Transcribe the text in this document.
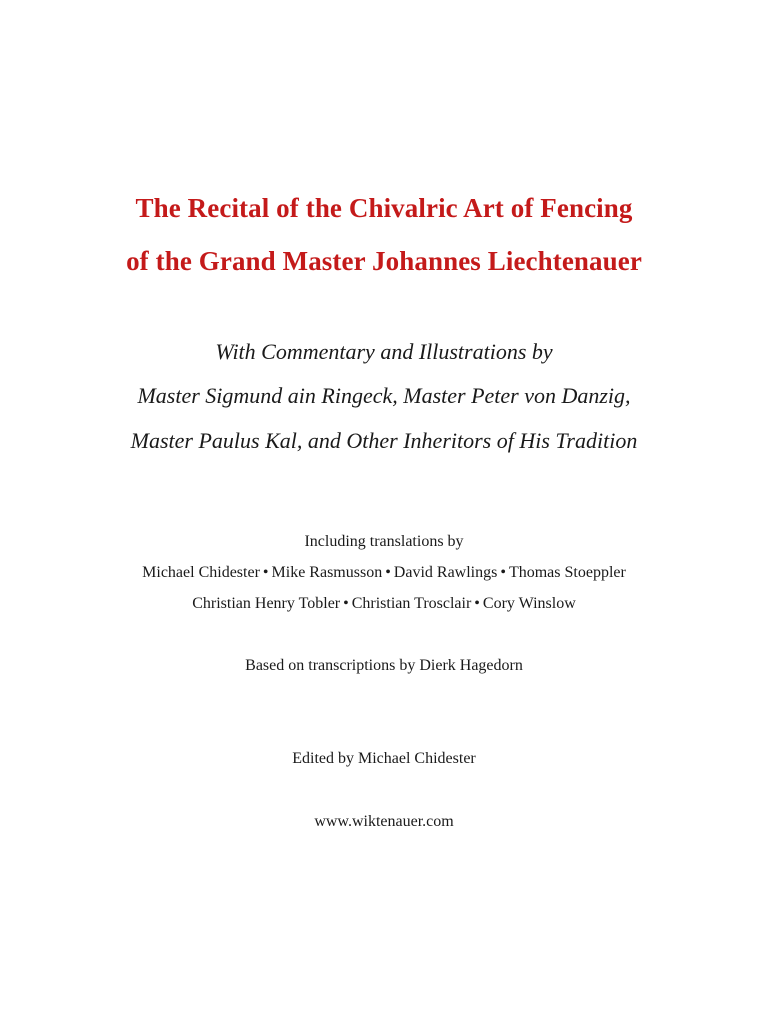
The Recital of the Chivalric Art of Fencing
of the Grand Master Johannes Liechtenauer
With Commentary and Illustrations by
Master Sigmund ain Ringeck, Master Peter von Danzig,
Master Paulus Kal, and Other Inheritors of His Tradition
Including translations by
Michael Chidester • Mike Rasmusson • David Rawlings • Thomas Stoeppler
Christian Henry Tobler • Christian Trosclair • Cory Winslow
Based on transcriptions by Dierk Hagedorn
Edited by Michael Chidester
www.wiktenauer.com
